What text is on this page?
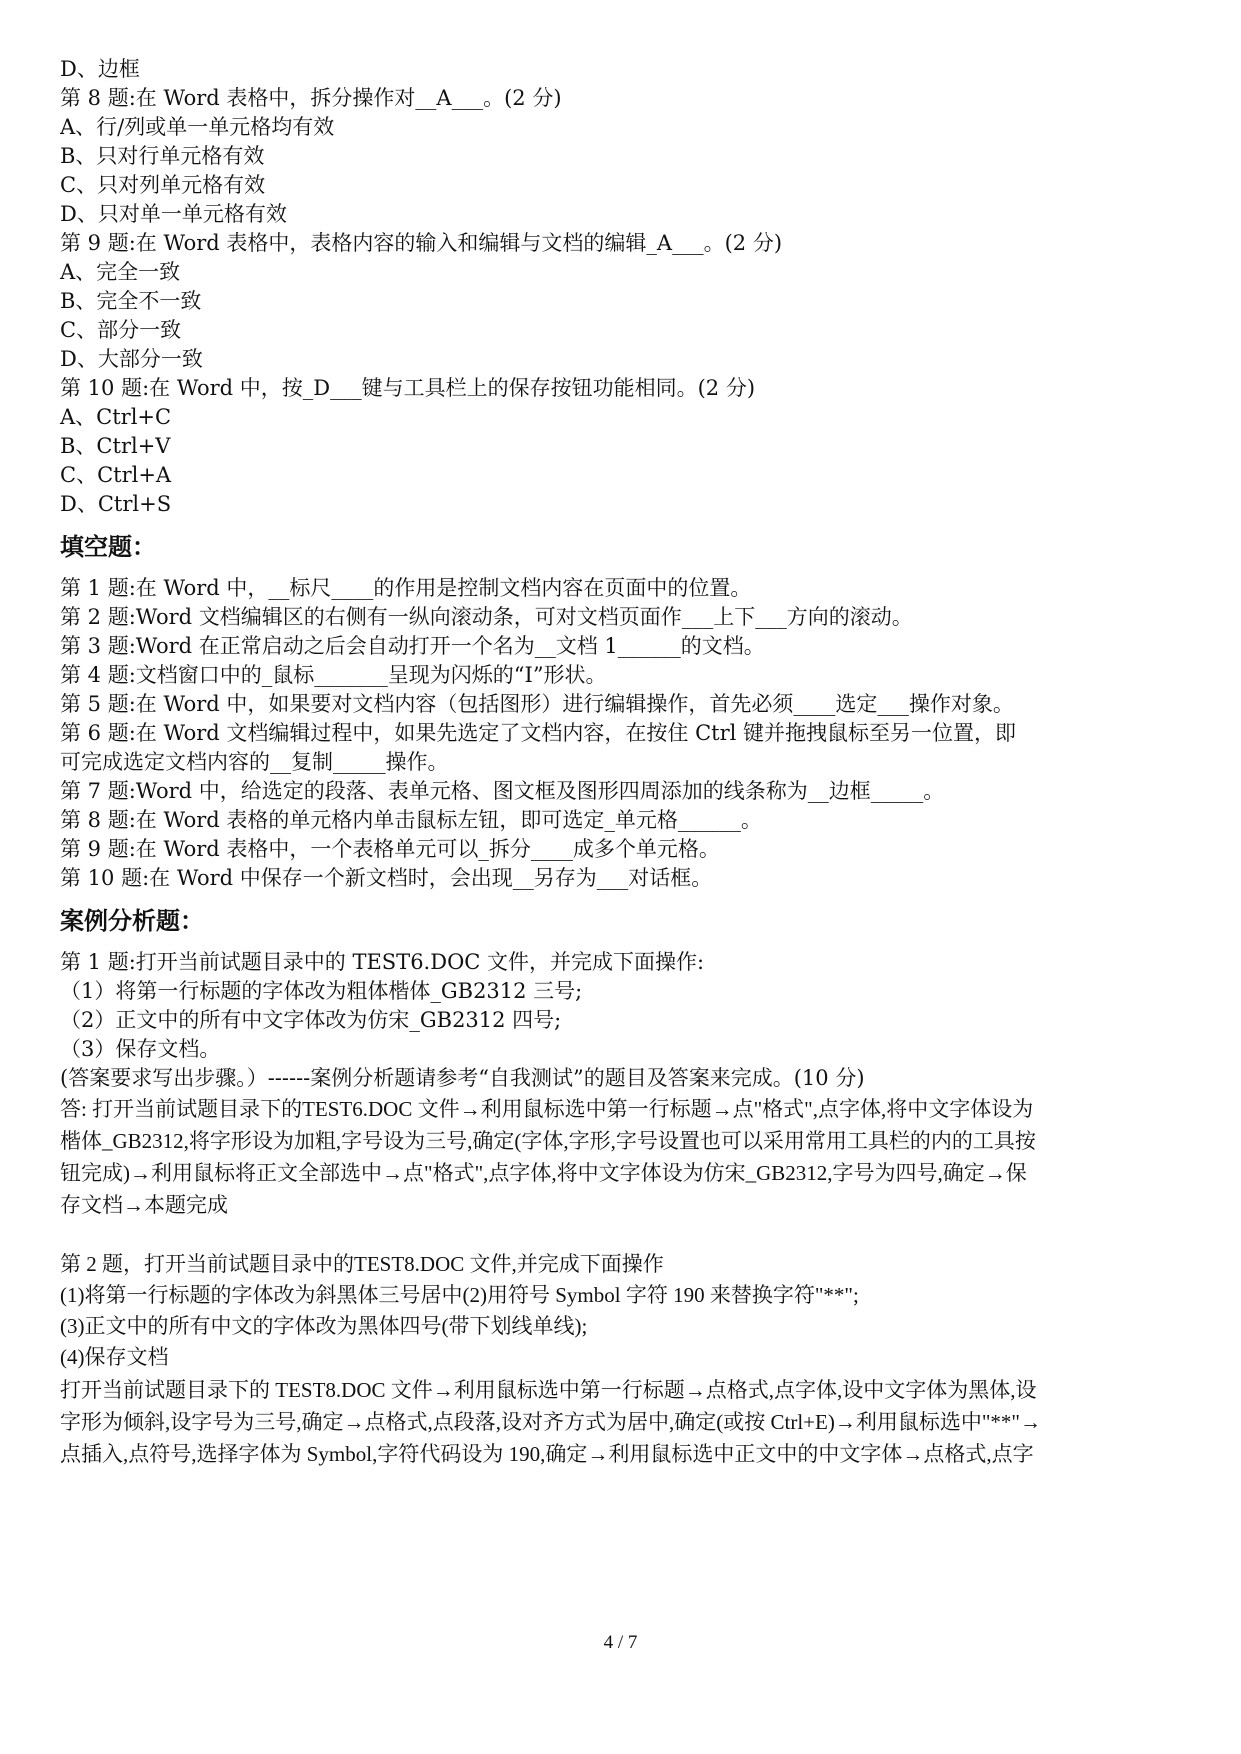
D、边框
第 8 题:在 Word 表格中，拆分操作对__A___。(2 分)
A、行/列或单一单元格均有效
B、只对行单元格有效
C、只对列单元格有效
D、只对单一单元格有效
第 9 题:在 Word 表格中，表格内容的输入和编辑与文档的编辑_A___。(2 分)
A、完全一致
B、完全不一致
C、部分一致
D、大部分一致
第 10 题:在 Word 中，按_D___键与工具栏上的保存按钮功能相同。(2 分)
A、Ctrl+C
B、Ctrl+V
C、Ctrl+A
D、Ctrl+S
填空题：
第 1 题:在 Word 中，__标尺____的作用是控制文档内容在页面中的位置。
第 2 题:Word 文档编辑区的右侧有一纵向滚动条，可对文档页面作___上下___方向的滚动。
第 3 题:Word 在正常启动之后会自动打开一个名为__文档 1______的文档。
第 4 题:文档窗口中的_鼠标_______呈现为闪烁的“I”形状。
第 5 题:在 Word 中，如果要对文档内容（包括图形）进行编辑操作，首先必须____选定___操作对象。
第 6 题:在 Word 文档编辑过程中，如果先选定了文档内容，在按住 Ctrl 键并拖拽鼠标至另一位置，即
可完成选定文档内容的__复制_____操作。
第 7 题:Word 中，给选定的段落、表单元格、图文框及图形四周添加的线条称为__边框_____。
第 8 题:在 Word 表格的单元格内单击鼠标左钮，即可选定_单元格______。
第 9 题:在 Word 表格中，一个表格单元可以_拆分____成多个单元格。
第 10 题:在 Word 中保存一个新文档时，会出现__另存为___对话框。
案例分析题：
第 1 题:打开当前试题目录中的 TEST6.DOC 文件，并完成下面操作:
（1）将第一行标题的字体改为粗体楷体_GB2312 三号;
（2）正文中的所有中文字体改为仿宋_GB2312 四号;
（3）保存文档。
(答案要求写出步骤。）------案例分析题请参考“自我测试”的题目及答案来完成。(10 分)
答: 打开当前试题目录下的TEST6.DOC 文件→利用鼠标选中第一行标题→点"格式",点字体,将中文字体设为
楷体_GB2312,将字形设为加粗,字号设为三号,确定(字体,字形,字号设置也可以采用常用工具栏的内的工具按
钮完成)→利用鼠标将正文全部选中→点"格式",点字体,将中文字体设为仿宋_GB2312,字号为四号,确定→保
存文档→本题完成
第 2 题，打开当前试题目录中的TEST8.DOC 文件,并完成下面操作
(1)将第一行标题的字体改为斜黑体三号居中(2)用符号 Symbol 字符 190 来替换字符"**";
(3)正文中的所有中文的字体改为黑体四号(带下划线单线);
(4)保存文档
打开当前试题目录下的 TEST8.DOC 文件→利用鼠标选中第一行标题→点格式,点字体,设中文字体为黑体,设
字形为倾斜,设字号为三号,确定→点格式,点段落,设对齐方式为居中,确定(或按 Ctrl+E)→利用鼠标选中"**"→
点插入,点符号,选择字体为 Symbol,字符代码设为 190,确定→利用鼠标选中正文中的中文字体→点格式,点字
4 / 7
